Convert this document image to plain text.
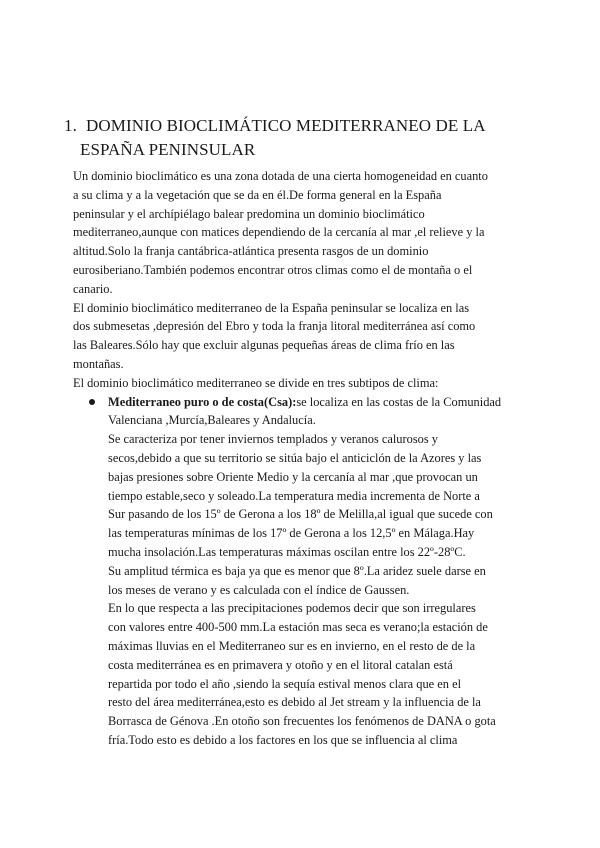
1. DOMINIO BIOCLIMÁTICO MEDITERRANEO DE LA
ESPAÑA PENINSULAR

Un dominio bioclimático es una zona dotada de una cierta homogeneidad en cuanto
a su clima y a la vegetación que se da en él.De forma general en la España
peninsular y el archípiélago balear predomina un dominio bioclimático
mediterraneo,aunque con matices dependiendo de la cercanía al mar ,el relieve y la
altitud.Solo la franja cantábrica-atlántica presenta rasgos de un dominio
eurosiberiano.También podemos encontrar otros climas como el de montaña o el
canario.

El dominio bioclimático mediterraneo de la España peninsular se localiza en las
dos submesetas ,depresión del Ebro y toda la franja litoral mediterránea así como
las Baleares.Sólo hay que excluir algunas pequeñas áreas de clima frío en las
montañas.

El dominio bioclimático mediterraneo se divide en tres subtipos de clima:

Mediterraneo puro o de costa(Csa):se localiza en las costas de la Comunidad
Valenciana ,Murcía,Baleares y Andalucía.
Se caracteriza por tener inviernos templados y veranos calurosos y
secos,debido a que su territorio se sitúa bajo el anticiclón de la Azores y las
bajas presiones sobre Oriente Medio y la cercanía al mar ,que provocan un
tiempo estable,seco y soleado.La temperatura media incrementa de Norte a
Sur pasando de los 15º de Gerona a los 18º de Melilla,al igual que sucede con
las temperaturas mínimas de los 17º de Gerona a los 12,5º en Málaga.Hay
mucha insolación.Las temperaturas máximas oscilan entre los 22º-28ºC.
Su amplitud térmica es baja ya que es menor que 8º.La aridez suele darse en
los meses de verano y es calculada con el índice de Gaussen.
En lo que respecta a las precipitaciones podemos decir que son irregulares
con valores entre 400-500 mm.La estación mas seca es verano;la estación de
máximas lluvias en el Mediterraneo sur es en invierno, en el resto de de la
costa mediterránea es en primavera y otoño y en el litoral catalan está
repartida por todo el año ,siendo la sequía estival menos clara que en el
resto del área mediterránea,esto es debido al Jet stream y la influencia de la
Borrasca de Génova .En otoño son frecuentes los fenómenos de DANA o gota
fría.Todo esto es debido a los factores en los que se influencia al clima
